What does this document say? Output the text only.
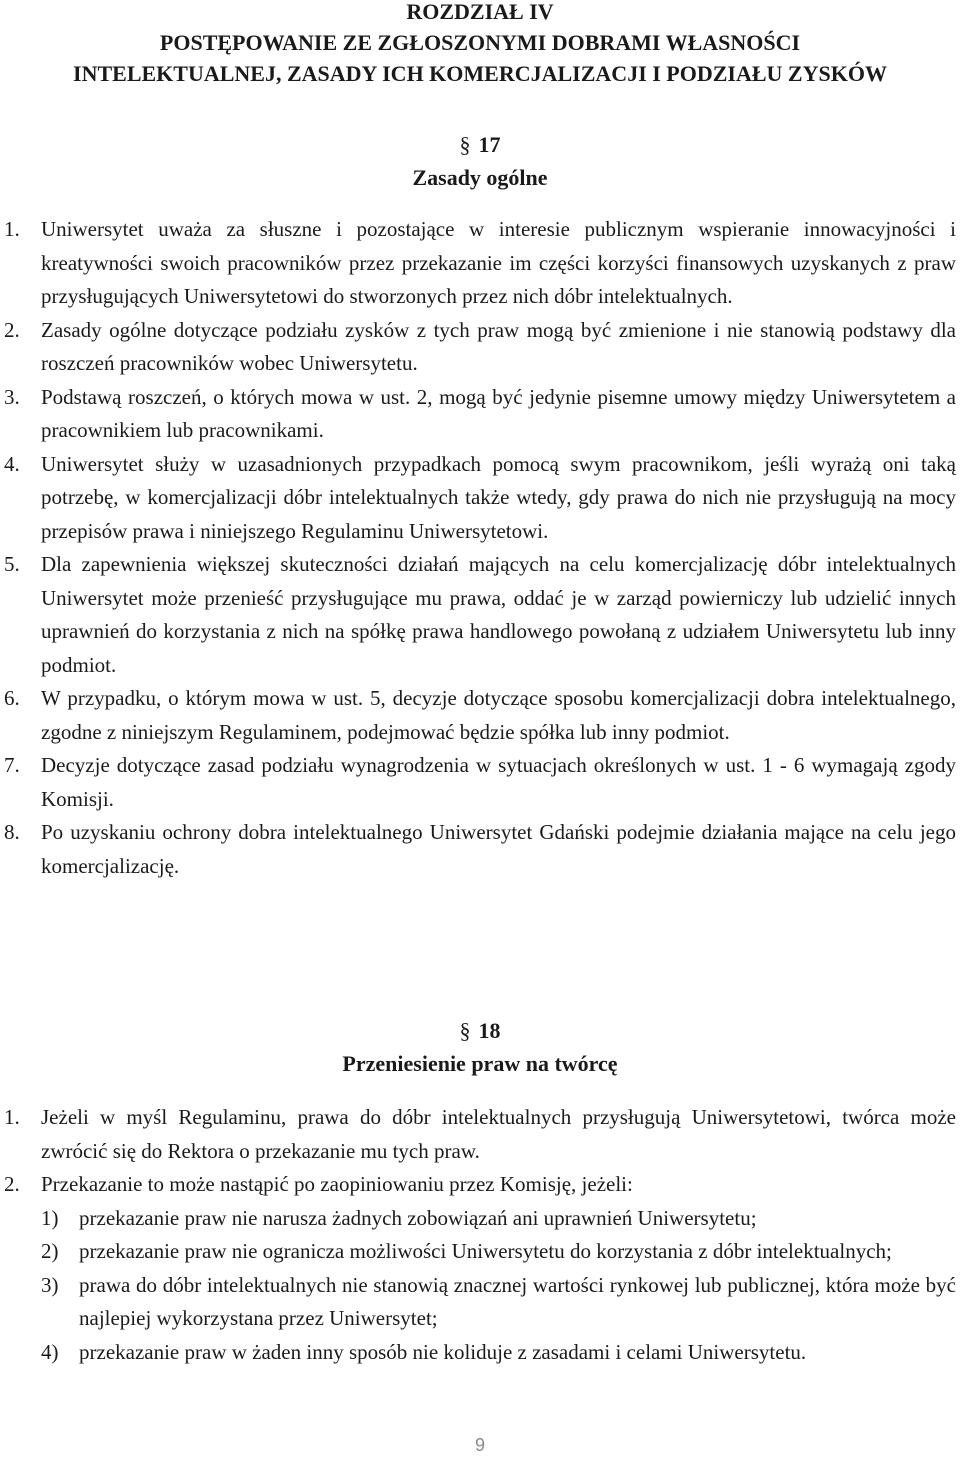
ROZDZIAŁ IV
POSTĘPOWANIE ZE ZGŁOSZONYMI DOBRAMI WŁASNOŚCI
INTELEKTUALNEJ, ZASADY ICH KOMERCJALIZACJI I PODZIAŁU ZYSKÓW
§ 17
Zasady ogólne
1. Uniwersytet uważa za słuszne i pozostające w interesie publicznym wspieranie innowacyjności i kreatywności swoich pracowników przez przekazanie im części korzyści finansowych uzyskanych z praw przysługujących Uniwersytetowi do stworzonych przez nich dóbr intelektualnych.
2. Zasady ogólne dotyczące podziału zysków z tych praw mogą być zmienione i nie stanowią podstawy dla roszczeń pracowników wobec Uniwersytetu.
3. Podstawą roszczeń, o których mowa w ust. 2, mogą być jedynie pisemne umowy między Uniwersytetem a pracownikiem lub pracownikami.
4. Uniwersytet służy w uzasadnionych przypadkach pomocą swym pracownikom, jeśli wyrażą oni taką potrzebę, w komercjalizacji dóbr intelektualnych także wtedy, gdy prawa do nich nie przysługują na mocy przepisów prawa i niniejszego Regulaminu Uniwersytetowi.
5. Dla zapewnienia większej skuteczności działań mających na celu komercjalizację dóbr intelektualnych Uniwersytet może przenieść przysługujące mu prawa, oddać je w zarząd powierniczy lub udzielić innych uprawnień do korzystania z nich na spółkę prawa handlowego powołaną z udziałem Uniwersytetu lub inny podmiot.
6. W przypadku, o którym mowa w ust. 5, decyzje dotyczące sposobu komercjalizacji dobra intelektualnego, zgodne z niniejszym Regulaminem, podejmować będzie spółka lub inny podmiot.
7. Decyzje dotyczące zasad podziału wynagrodzenia w sytuacjach określonych w ust. 1 - 6 wymagają zgody Komisji.
8. Po uzyskaniu ochrony dobra intelektualnego Uniwersytet Gdański podejmie działania mające na celu jego komercjalizację.
§ 18
Przeniesienie praw na twórcę
1. Jeżeli w myśl Regulaminu, prawa do dóbr intelektualnych przysługują Uniwersytetowi, twórca może zwrócić się do Rektora o przekazanie mu tych praw.
2. Przekazanie to może nastąpić po zaopiniowaniu przez Komisję, jeżeli:
1) przekazanie praw nie narusza żadnych zobowiązań ani uprawnień Uniwersytetu;
2) przekazanie praw nie ogranicza możliwości Uniwersytetu do korzystania z dóbr intelektualnych;
3) prawa do dóbr intelektualnych nie stanowią znacznej wartości rynkowej lub publicznej, która może być najlepiej wykorzystana przez Uniwersytet;
4) przekazanie praw w żaden inny sposób nie koliduje z zasadami i celami Uniwersytetu.
9
